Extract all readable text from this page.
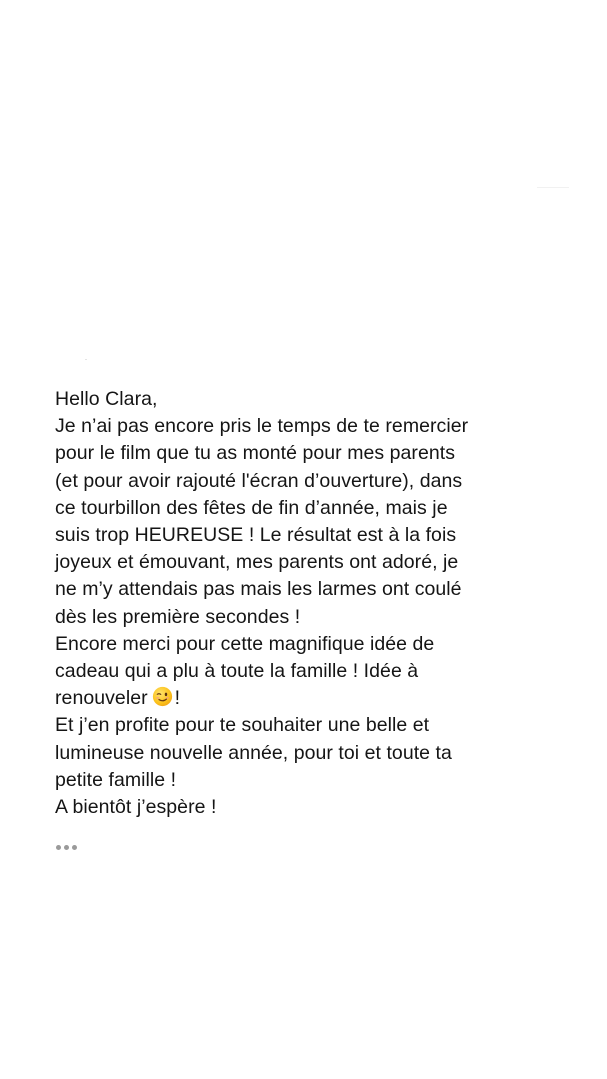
Hello Clara,
Je n’ai pas encore pris le temps de te remercier
pour le film que tu as monté pour mes parents
(et pour avoir rajouté l'écran d’ouverture), dans
ce tourbillon des fêtes de fin d’année, mais je
suis trop HEUREUSE ! Le résultat est à la fois
joyeux et émouvant, mes parents ont adoré, je
ne m’y attendais pas mais les larmes ont coulé
dès les première secondes !
Encore merci pour cette magnifique idée de
cadeau qui a plu à toute la famille ! Idée à
renouveler !
Et j’en profite pour te souhaiter une belle et
lumineuse nouvelle année, pour toi et toute ta
petite famille !
A bientôt j’espère !
